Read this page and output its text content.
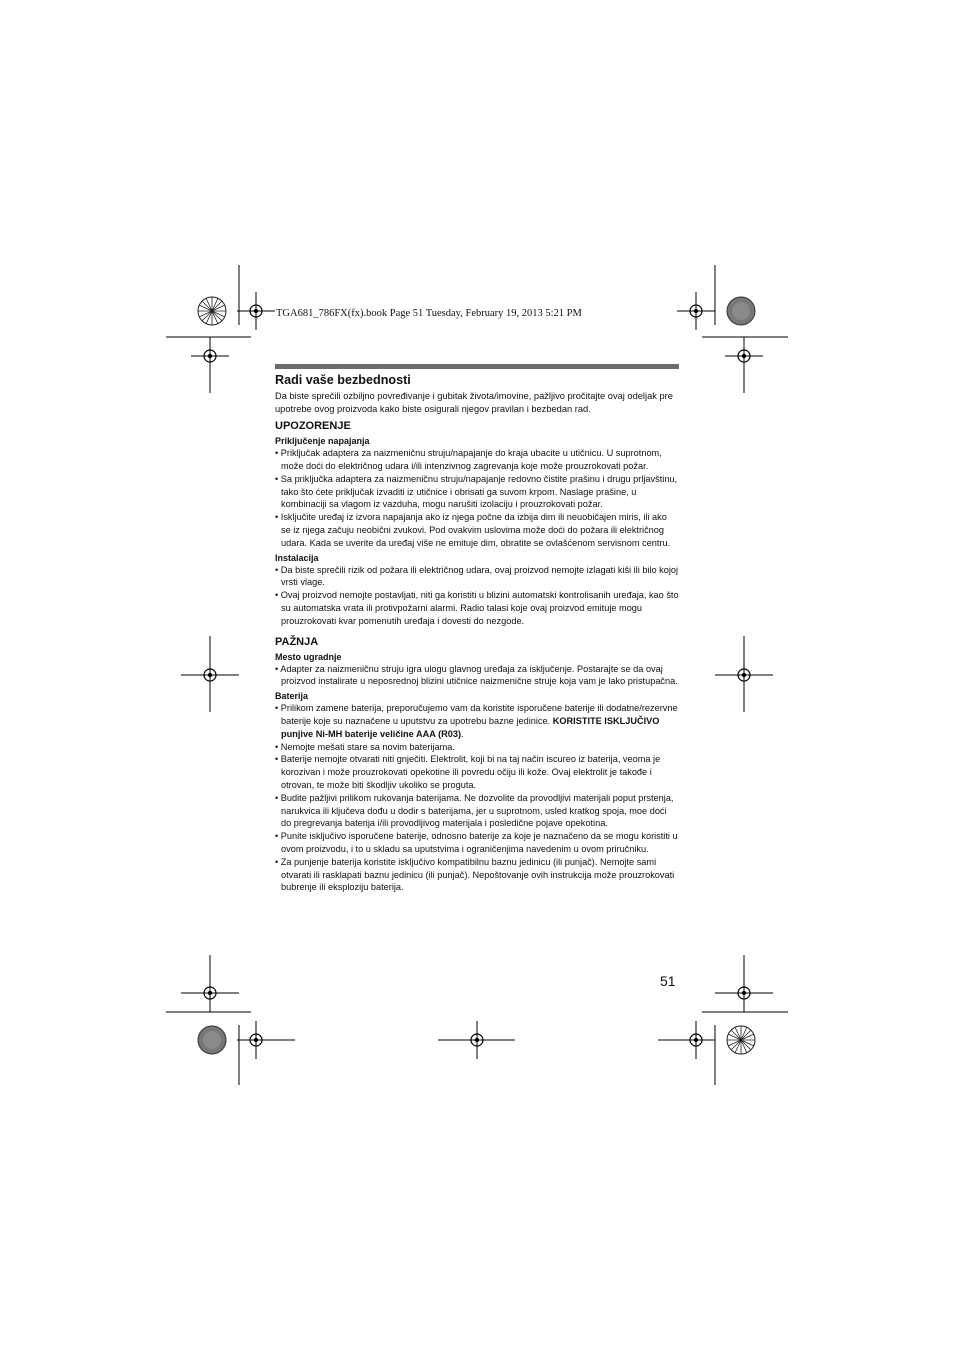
TGA681_786FX(fx).book Page 51 Tuesday, February 19, 2013 5:21 PM
Radi vaše bezbednosti
Da biste sprečili ozbiljno povređivanje i gubitak života/imovine, pažljivo pročitajte ovaj odeljak pre upotrebe ovog proizvoda kako biste osigurali njegov pravilan i bezbedan rad.
UPOZORENJE
Priključenje napajanja
• Priključak adaptera za naizmeničnu struju/napajanje do kraja ubacite u utičnicu. U suprotnom, može doći do električnog udara i/ili intenzivnog zagrevanja koje može prouzrokovati požar.
• Sa priključka adaptera za naizmeničnu struju/napajanje redovno čistite prašinu i drugu prljavštinu, tako što ćete priključak izvaditi iz utičnice i obrisati ga suvom krpom. Naslage prašine, u kombinaciji sa vlagom iz vazduha, mogu narušiti izolaciju i prouzrokovati požar.
• Isključite uređaj iz izvora napajanja ako iz njega počne da izbija dim ili neuobičajen miris, ili ako se iz njega začuju neobični zvukovi. Pod ovakvim uslovima može doći do požara ili električnog udara. Kada se uverite da uređaj više ne emituje dim, obratite se ovlašćenom servisnom centru.
Instalacija
• Da biste sprečili rizik od požara ili električnog udara, ovaj proizvod nemojte izlagati kiši ili bilo kojoj vrsti vlage.
• Ovaj proizvod nemojte postavljati, niti ga koristiti u blizini automatski kontrolisanih uređaja, kao što su automatska vrata ili protivpožarni alarmi. Radio talasi koje ovaj proizvod emituje mogu prouzrokovati kvar pomenutih uređaja i dovesti do nezgode.
PAŽNJA
Mesto ugradnje
• Adapter za naizmeničnu struju igra ulogu glavnog uređaja za isključenje. Postarajte se da ovaj proizvod instalirate u neposrednoj blizini utičnice naizmenične struje koja vam je lako pristupačna.
Baterija
• Prilikom zamene baterija, preporučujemo vam da koristite isporučene baterije ili dodatne/rezervne baterije koje su naznačene u uputstvu za upotrebu bazne jedinice. KORISTITE ISKLJUČIVO punjive Ni-MH baterije veličine AAA (R03).
• Nemojte mešati stare sa novim baterijama.
• Baterije nemojte otvarati niti gnječiti. Elektrolit, koji bi na taj način iscureo iz baterija, veoma je korozivan i može prouzrokovati opekotine ili povredu očiju ili kože. Ovaj elektrolit je takođe i otrovan, te može biti škodljiv ukoliko se proguta.
• Budite pažljivi prilikom rukovanja baterijama. Ne dozvolite da provodljivi materijali poput prstenja, narukvica ili ključeva dođu u dodir s baterijama, jer u suprotnom, usled kratkog spoja, moe doći do pregrevanja baterija i/ili provodljivog materijala i posledične pojave opekotina.
• Punite isključivo isporučene baterije, odnosno baterije za koje je naznačeno da se mogu koristiti u ovom proizvodu, i to u skladu sa uputstvima i ograničenjima navedenim u ovom priručniku.
• Za punjenje baterija koristite isključivo kompatibilnu baznu jedinicu (ili punjač). Nemojte sami otvarati ili rasklapati baznu jedinicu (ili punjač). Nepoštovanje ovih instrukcija može prouzrokovati bubrenje ili eksploziju baterija.
51
